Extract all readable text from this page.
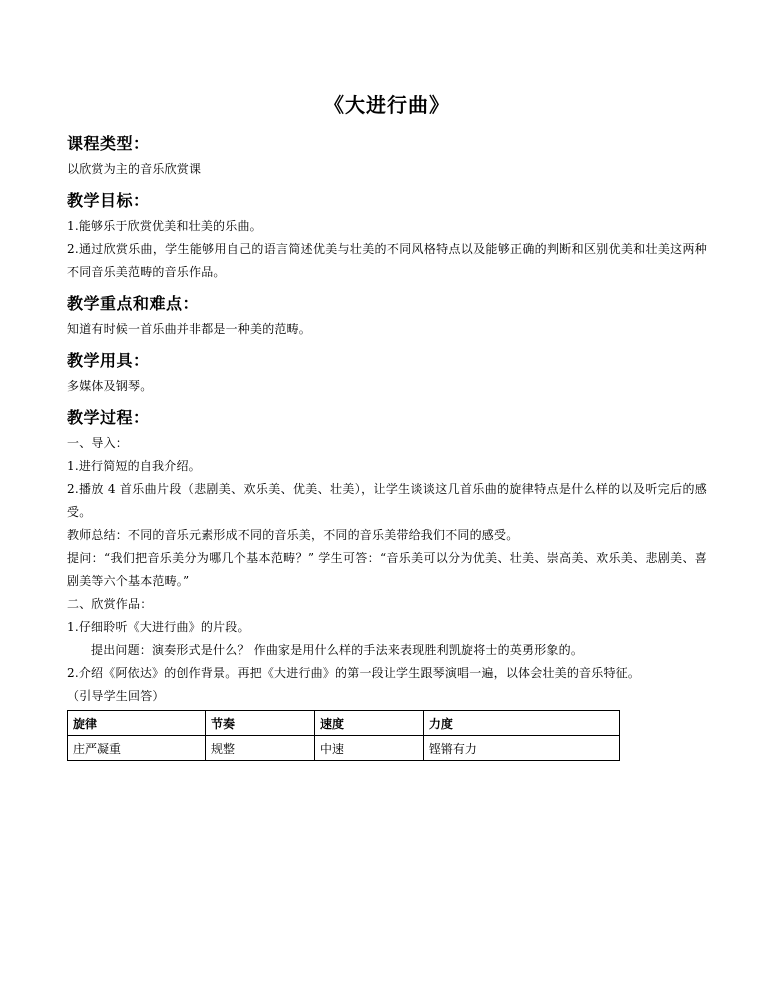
《大进行曲》
课程类型：

以欣赏为主的音乐欣赏课

教学目标：

1.能够乐于欣赏优美和壮美的乐曲。

2.通过欣赏乐曲，学生能够用自己的语言简述优美与壮美的不同风格特点以及能够正确的判断和区别优美和壮美这两种不同音乐美范畴的音乐作品。

教学重点和难点：

知道有时候一首乐曲并非都是一种美的范畴。

教学用具：

多媒体及钢琴。

教学过程：

一、导入：

1.进行简短的自我介绍。

2.播放 4 首乐曲片段（悲剧美、欢乐美、优美、壮美），让学生谈谈这几首乐曲的旋律特点是什么样的以及听完后的感受。

教师总结：不同的音乐元素形成不同的音乐美，不同的音乐美带给我们不同的感受。

提问：“我们把音乐美分为哪几个基本范畴？” 学生可答：“音乐美可以分为优美、壮美、崇高美、欢乐美、悲剧美、喜剧美等六个基本范畴。”

二、欣赏作品：

1.仔细聆听《大进行曲》的片段。

提出问题：演奏形式是什么？ 作曲家是用什么样的手法来表现胜利凯旋将士的英勇形象的。

2.介绍《阿依达》的创作背景。再把《大进行曲》的第一段让学生跟琴演唱一遍，以体会壮美的音乐特征。

（引导学生回答）

旋律	节奏	速度	力度
庄严凝重	规整	中速	铿锵有力
